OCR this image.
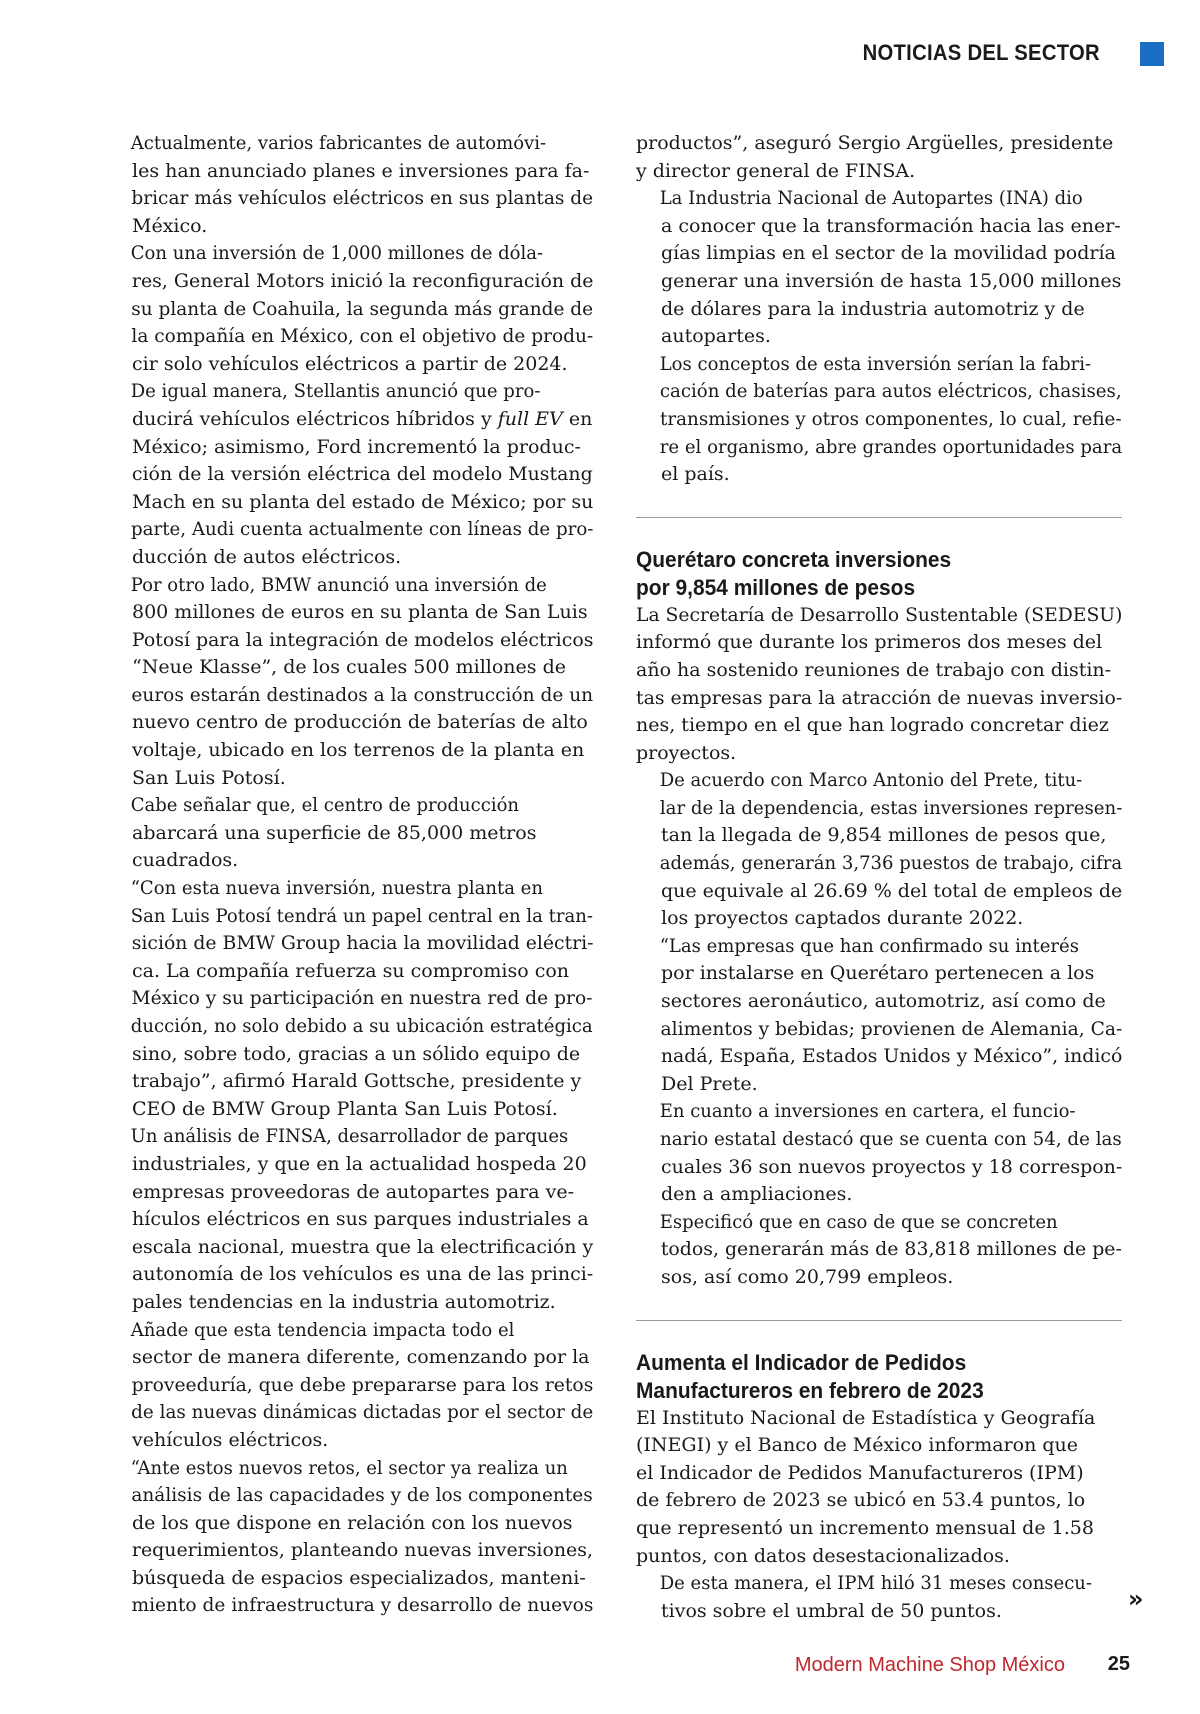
NOTICIAS DEL SECTOR

Actualmente, varios fabricantes de automóvi-
les han anunciado planes e inversiones para fa-
bricar más vehículos eléctricos en sus plantas de
México.

Con una inversión de 1,000 millones de dóla-
res, General Motors inició la reconfiguración de
su planta de Coahuila, la segunda más grande de
la compañía en México, con el objetivo de produ-
cir solo vehículos eléctricos a partir de 2024.

De igual manera, Stellantis anunció que pro-
ducirá vehículos eléctricos híbridos y full EV en
México; asimismo, Ford incrementó la produc-
ción de la versión eléctrica del modelo Mustang
Mach en su planta del estado de México; por su
parte, Audi cuenta actualmente con líneas de pro-
ducción de autos eléctricos.

Por otro lado, BMW anunció una inversión de
800 millones de euros en su planta de San Luis
Potosí para la integración de modelos eléctricos
“Neue Klasse”, de los cuales 500 millones de
euros estarán destinados a la construcción de un
nuevo centro de producción de baterías de alto
voltaje, ubicado en los terrenos de la planta en
San Luis Potosí.

Cabe señalar que, el centro de producción
abarcará una superficie de 85,000 metros
cuadrados.

“Con esta nueva inversión, nuestra planta en
San Luis Potosí tendrá un papel central en la tran-
sición de BMW Group hacia la movilidad eléctri-
ca. La compañía refuerza su compromiso con
México y su participación en nuestra red de pro-
ducción, no solo debido a su ubicación estratégica
sino, sobre todo, gracias a un sólido equipo de
trabajo”, afirmó Harald Gottsche, presidente y
CEO de BMW Group Planta San Luis Potosí.

Un análisis de FINSA, desarrollador de parques
industriales, y que en la actualidad hospeda 20
empresas proveedoras de autopartes para ve-
hículos eléctricos en sus parques industriales a
escala nacional, muestra que la electrificación y
autonomía de los vehículos es una de las princi-
pales tendencias en la industria automotriz.

Añade que esta tendencia impacta todo el
sector de manera diferente, comenzando por la
proveeduría, que debe prepararse para los retos
de las nuevas dinámicas dictadas por el sector de
vehículos eléctricos.

“Ante estos nuevos retos, el sector ya realiza un
análisis de las capacidades y de los componentes
de los que dispone en relación con los nuevos
requerimientos, planteando nuevas inversiones,
búsqueda de espacios especializados, manteni-
miento de infraestructura y desarrollo de nuevos

productos”, aseguró Sergio Argüelles, presidente
y director general de FINSA.

La Industria Nacional de Autopartes (INA) dio
a conocer que la transformación hacia las ener-
gías limpias en el sector de la movilidad podría
generar una inversión de hasta 15,000 millones
de dólares para la industria automotriz y de
autopartes.

Los conceptos de esta inversión serían la fabri-
cación de baterías para autos eléctricos, chasises,
transmisiones y otros componentes, lo cual, refie-
re el organismo, abre grandes oportunidades para
el país.

Querétaro concreta inversiones
por 9,854 millones de pesos

La Secretaría de Desarrollo Sustentable (SEDESU)
informó que durante los primeros dos meses del
año ha sostenido reuniones de trabajo con distin-
tas empresas para la atracción de nuevas inversio-
nes, tiempo en el que han logrado concretar diez
proyectos.

De acuerdo con Marco Antonio del Prete, titu-
lar de la dependencia, estas inversiones represen-
tan la llegada de 9,854 millones de pesos que,
además, generarán 3,736 puestos de trabajo, cifra
que equivale al 26.69 % del total de empleos de
los proyectos captados durante 2022.

“Las empresas que han confirmado su interés
por instalarse en Querétaro pertenecen a los
sectores aeronáutico, automotriz, así como de
alimentos y bebidas; provienen de Alemania, Ca-
nadá, España, Estados Unidos y México”, indicó
Del Prete.

En cuanto a inversiones en cartera, el funcio-
nario estatal destacó que se cuenta con 54, de las
cuales 36 son nuevos proyectos y 18 correspon-
den a ampliaciones.

Especificó que en caso de que se concreten
todos, generarán más de 83,818 millones de pe-
sos, así como 20,799 empleos.

Aumenta el Indicador de Pedidos
Manufactureros en febrero de 2023

El Instituto Nacional de Estadística y Geografía
(INEGI) y el Banco de México informaron que
el Indicador de Pedidos Manufactureros (IPM)
de febrero de 2023 se ubicó en 53.4 puntos, lo
que representó un incremento mensual de 1.58
puntos, con datos desestacionalizados.

De esta manera, el IPM hiló 31 meses consecu-
tivos sobre el umbral de 50 puntos.	»
Modern Machine Shop México 25
